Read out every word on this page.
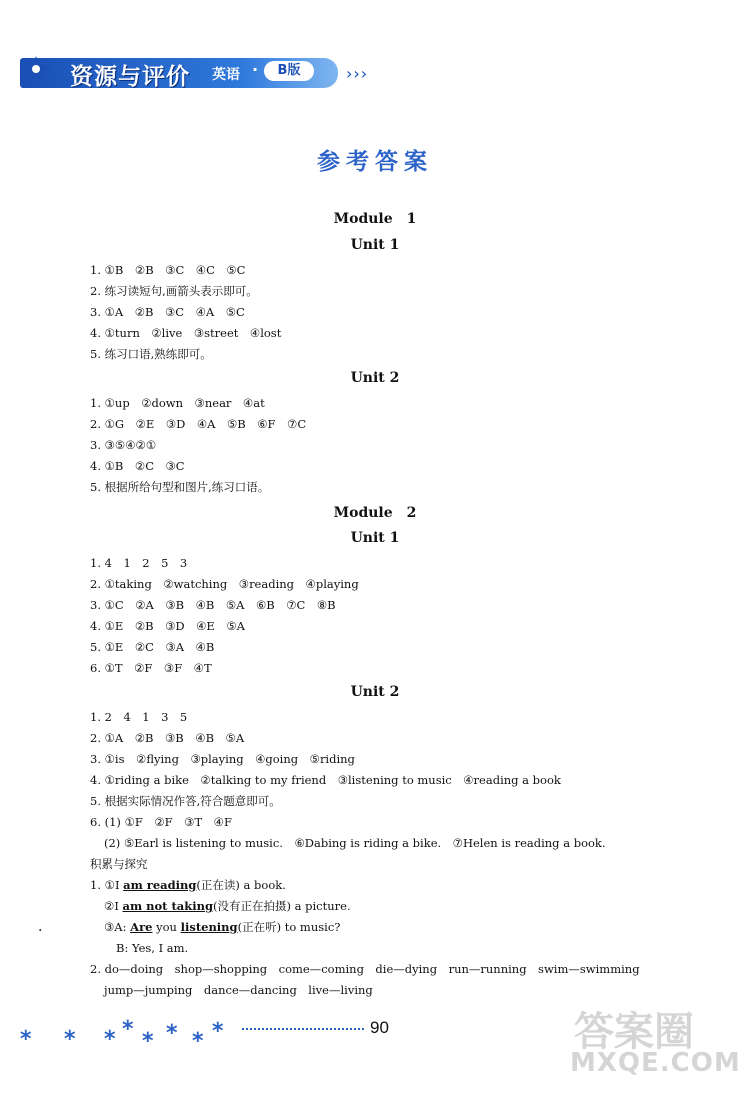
资源与评价 英语 ·	B版	›››
参考答案
Module　1
Unit 1
1. ①B　②B　③C　④C　⑤C
2. 练习读短句,画箭头表示即可。
3. ①A　②B　③C　④A　⑤C
4. ①turn　②live　③street　④lost
5. 练习口语,熟练即可。
Unit 2
1. ①up　②down　③near　④at
2. ①G　②E　③D　④A　⑤B　⑥F　⑦C
3. ③⑤④②①
4. ①B　②C　③C
5. 根据所给句型和图片,练习口语。
Module　2
Unit 1
1. 4　1　2　5　3
2. ①taking　②watching　③reading　④playing
3. ①C　②A　③B　④B　⑤A　⑥B　⑦C　⑧B
4. ①E　②B　③D　④E　⑤A
5. ①E　②C　③A　④B
6. ①T　②F　③F　④T
Unit 2
1. 2　4　1　3　5
2. ①A　②B　③B　④B　⑤A
3. ①is　②flying　③playing　④going　⑤riding
4. ①riding a bike　②talking to my friend　③listening to music　④reading a book
5. 根据实际情况作答,符合题意即可。
6. (1) ①F　②F　③T　④F
(2) ⑤Earl is listening to music.　⑥Dabing is riding a bike.　⑦Helen is reading a book.
积累与探究
1. ①I am reading(正在读) a book.
②I am not taking(没有正在拍摄) a picture.
③A: Are you listening(正在听) to music?
B: Yes, I am.
2. do—doing　shop—shopping　come—coming　die—dying　run—running　swim—swimming
jump—jumping　dance—dancing　live—living
·
* * * * * * * *	90	答案圈
MXQE.COM
